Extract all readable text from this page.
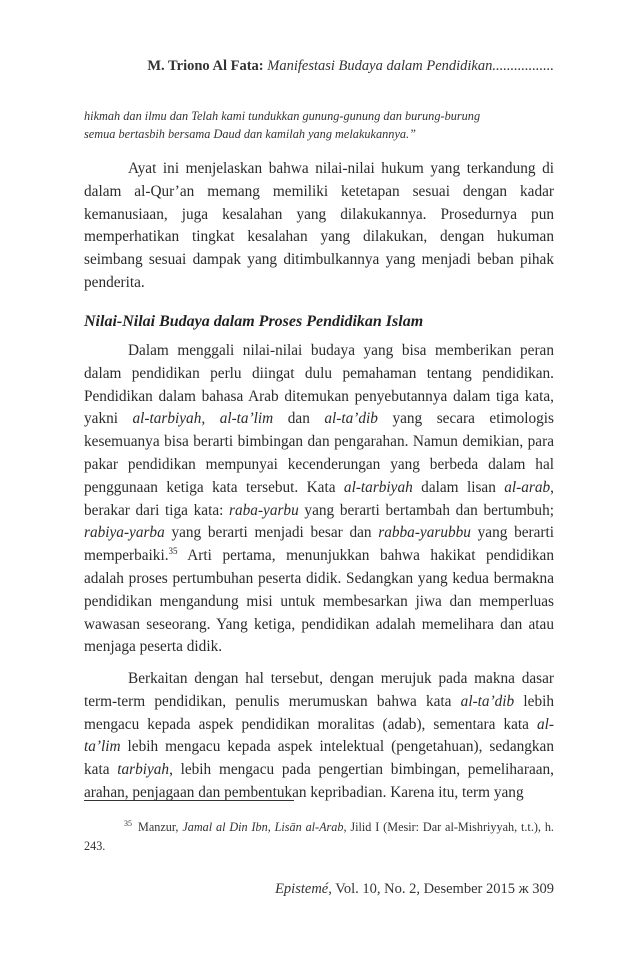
M. Triono Al Fata: Manifestasi Budaya dalam Pendidikan.................

hikmah dan ilmu dan Telah kami tundukkan gunung-gunung dan burung-burung

semua bertasbih bersama Daud dan kamilah yang melakukannya.”

Ayat ini menjelaskan bahwa nilai-nilai hukum yang terkandung di dalam al-Qur’an memang memiliki ketetapan sesuai dengan kadar kemanusiaan, juga kesalahan yang dilakukannya. Prosedurnya pun memperhatikan tingkat kesalahan yang dilakukan, dengan hukuman seimbang sesuai dampak yang ditimbulkannya yang menjadi beban pihak penderita.

Nilai-Nilai Budaya dalam Proses Pendidikan Islam

Dalam menggali nilai-nilai budaya yang bisa memberikan peran dalam pendidikan perlu diingat dulu pemahaman tentang pendidikan. Pendidikan dalam bahasa Arab ditemukan penyebutannya dalam tiga kata, yakni al-tarbiyah, al-ta’lim dan al-ta’dib yang secara etimologis kesemuanya bisa berarti bimbingan dan pengarahan. Namun demikian, para pakar pendidikan mempunyai kecenderungan yang berbeda dalam hal penggunaan ketiga kata tersebut. Kata al-tarbiyah dalam lisan al-arab, berakar dari tiga kata: raba-yarbu yang berarti bertambah dan bertumbuh; rabiya-yarba yang berarti menjadi besar dan rabba-yarubbu yang berarti memperbaiki.$^{35}$ Arti pertama, menunjukkan bahwa hakikat pendidikan adalah proses pertumbuhan peserta didik. Sedangkan yang kedua bermakna pendidikan mengandung misi untuk membesarkan jiwa dan memperluas wawasan seseorang. Yang ketiga, pendidikan adalah memelihara dan atau menjaga peserta didik.

Berkaitan dengan hal tersebut, dengan merujuk pada makna dasar term-term pendidikan, penulis merumuskan bahwa kata al-ta’dib lebih mengacu kepada aspek pendidikan moralitas (adab), sementara kata al-ta’lim lebih mengacu kepada aspek intelektual (pengetahuan), sedangkan kata tarbiyah, lebih mengacu pada pengertian bimbingan, pemeliharaan, arahan, penjagaan dan pembentukan kepribadian. Karena itu, term yang

$^{35}$ Manzur, Jamal al Din Ibn, Lisān al-Arab, Jilid I (Mesir: Dar al-Mishriyyah, t.t.), h. 243.
Epistemé, Vol. 10, No. 2, Desember 2015 ж 309
